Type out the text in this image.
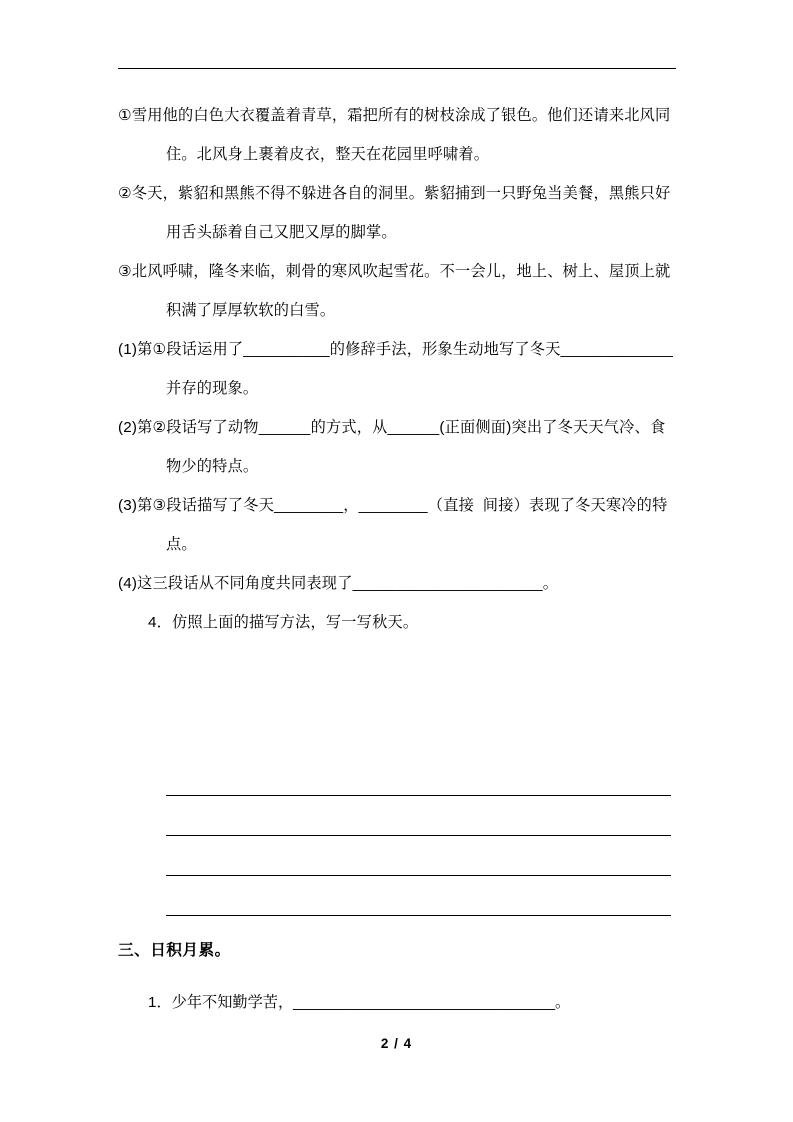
①雪用他的白色大衣覆盖着青草，霜把所有的树枝涂成了银色。他们还请来北风同住。北风身上裹着皮衣，整天在花园里呼啸着。

②冬天，紫貂和黑熊不得不躲进各自的洞里。紫貂捕到一只野兔当美餐，黑熊只好用舌头舔着自己又肥又厚的脚掌。

③北风呼啸，隆冬来临，刺骨的寒风吹起雪花。不一会儿，地上、树上、屋顶上就积满了厚厚软软的白雪。

(1)第①段话运用了__________的修辞手法，形象生动地写了冬天_____________并存的现象。

(2)第②段话写了动物______的方式，从______(正面侧面)突出了冬天天气冷、食物少的特点。

(3)第③段话描写了冬天________，________（直接  间接）表现了冬天寒冷的特点。

(4)这三段话从不同角度共同表现了______________________。

4．仿照上面的描写方法，写一写秋天。

三、日积月累。
1．少年不知勤学苦，_______________________________。
2 / 4
